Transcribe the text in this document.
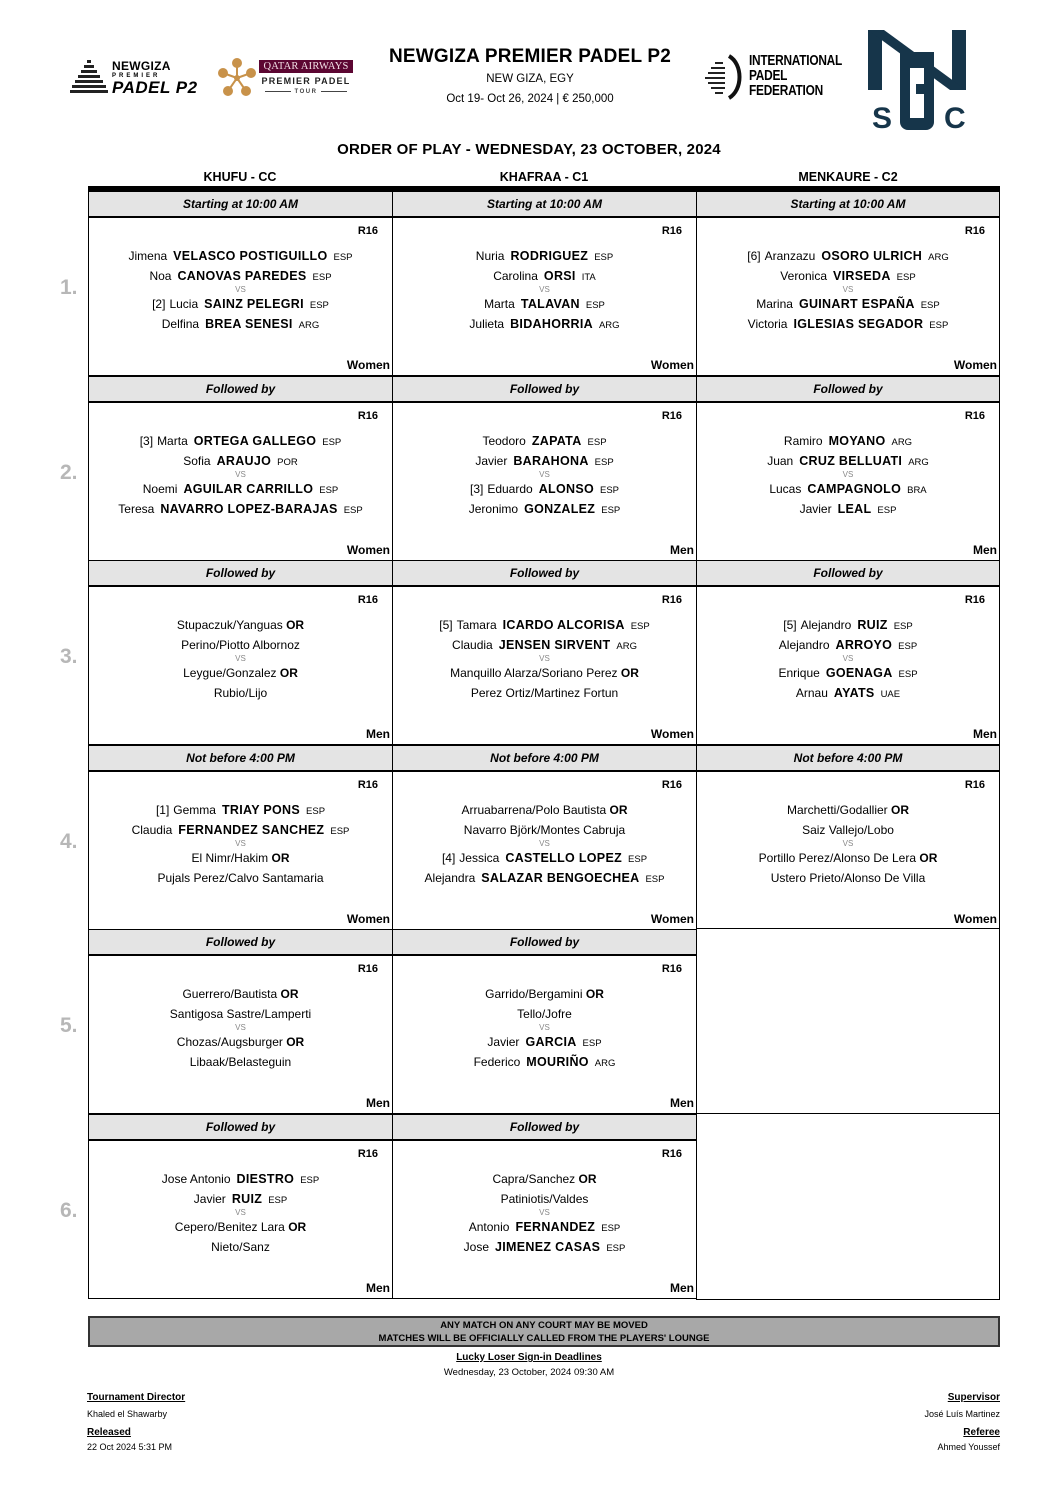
NEWGIZA
PREMIER
PADEL P2
QATAR AIRWAYS
PREMIER PADEL
TOUR
NEWGIZA PREMIER PADEL P2
NEW GIZA, EGY
Oct 19- Oct 26, 2024 | € 250,000
INTERNATIONAL
PADEL
FEDERATION
S C
ORDER OF PLAY - WEDNESDAY, 23 OCTOBER, 2024
KHUFU - CC	KHAFRAA - C1	MENKAURE - C2
Starting at 10:00 AM
R16
Jimena VELASCO POSTIGUILLO ESP
Noa CANOVAS PAREDES ESP
VS
[2] Lucia SAINZ PELEGRI ESP
Delfina BREA SENESI ARG
Women
Starting at 10:00 AM
R16
Nuria RODRIGUEZ ESP
Carolina ORSI ITA
VS
Marta TALAVAN ESP
Julieta BIDAHORRIA ARG
Women
Starting at 10:00 AM
R16
[6] Aranzazu OSORO ULRICH ARG
Veronica VIRSEDA ESP
VS
Marina GUINART ESPAÑA ESP
Victoria IGLESIAS SEGADOR ESP
Women
Followed by
R16
[3] Marta ORTEGA GALLEGO ESP
Sofia ARAUJO POR
VS
Noemi AGUILAR CARRILLO ESP
Teresa NAVARRO LOPEZ-BARAJAS ESP
Women
Followed by
R16
Teodoro ZAPATA ESP
Javier BARAHONA ESP
VS
[3] Eduardo ALONSO ESP
Jeronimo GONZALEZ ESP
Men
Followed by
R16
Ramiro MOYANO ARG
Juan CRUZ BELLUATI ARG
VS
Lucas CAMPAGNOLO BRA
Javier LEAL ESP
Men
Followed by
R16
Stupaczuk/Yanguas OR
Perino/Piotto Albornoz
VS
Leygue/Gonzalez OR
Rubio/Lijo
Men
Followed by
R16
[5] Tamara ICARDO ALCORISA ESP
Claudia JENSEN SIRVENT ARG
VS
Manquillo Alarza/Soriano Perez OR
Perez Ortiz/Martinez Fortun
Women
Followed by
R16
[5] Alejandro RUIZ ESP
Alejandro ARROYO ESP
VS
Enrique GOENAGA ESP
Arnau AYATS UAE
Men
Not before 4:00 PM
R16
[1] Gemma TRIAY PONS ESP
Claudia FERNANDEZ SANCHEZ ESP
VS
El Nimr/Hakim OR
Pujals Perez/Calvo Santamaria
Women
Not before 4:00 PM
R16
Arruabarrena/Polo Bautista OR
Navarro Björk/Montes Cabruja
VS
[4] Jessica CASTELLO LOPEZ ESP
Alejandra SALAZAR BENGOECHEA ESP
Women
Not before 4:00 PM
R16
Marchetti/Godallier OR
Saiz Vallejo/Lobo
VS
Portillo Perez/Alonso De Lera OR
Ustero Prieto/Alonso De Villa
Women
Followed by
R16
Guerrero/Bautista OR
Santigosa Sastre/Lamperti
VS
Chozas/Augsburger OR
Libaak/Belasteguin
Men
Followed by
R16
Garrido/Bergamini OR
Tello/Jofre
VS
Javier GARCIA ESP
Federico MOURIÑO ARG
Men
Followed by
R16
Jose Antonio DIESTRO ESP
Javier RUIZ ESP
VS
Cepero/Benitez Lara OR
Nieto/Sanz
Men
Followed by
R16
Capra/Sanchez OR
Patiniotis/Valdes
VS
Antonio FERNANDEZ ESP
Jose JIMENEZ CASAS ESP
Men
ANY MATCH ON ANY COURT MAY BE MOVED
MATCHES WILL BE OFFICIALLY CALLED FROM THE PLAYERS' LOUNGE
Lucky Loser Sign-in Deadlines
Wednesday, 23 October, 2024 09:30 AM
Tournament Director
Khaled el Shawarby
Released
22 Oct 2024 5:31 PM
Supervisor
José Luís Martinez
Referee
Ahmed Youssef
1.
2.
3.
4.
5.
6.
